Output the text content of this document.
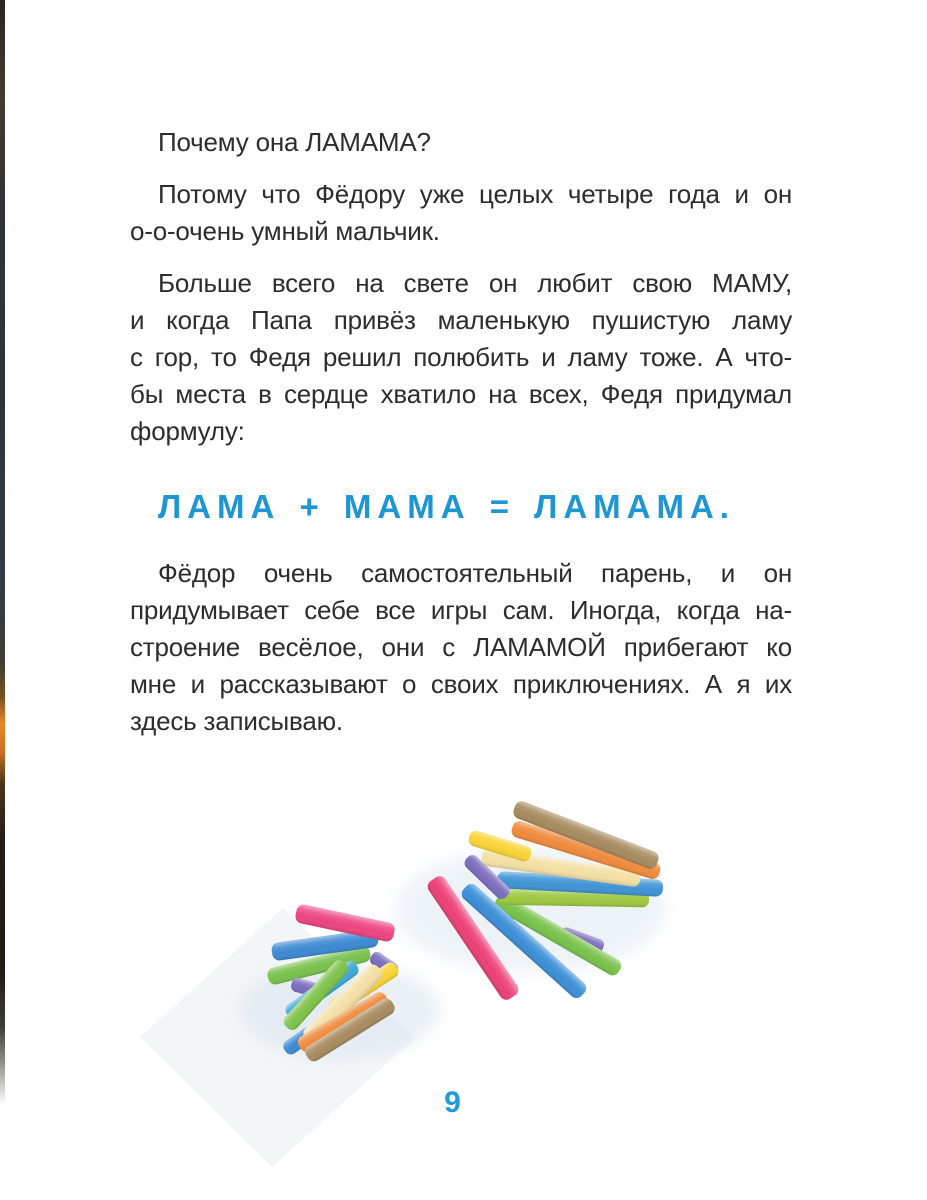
Почему она ЛАМАМА?

Потому что Фёдору уже целых четыре года и он
о-о-очень умный мальчик.

Больше всего на свете он любит свою МАМУ,
и когда Папа привёз маленькую пушистую ламу
с гор, то Федя решил полюбить и ламу тоже. А что-
бы места в сердце хватило на всех, Федя придумал
формулу:

ЛАМА + МАМА = ЛАМАМА.

Фёдор очень самостоятельный парень, и он
придумывает себе все игры сам. Иногда, когда на-
строение весёлое, они с ЛАМАМОЙ прибегают ко
мне и рассказывают о своих приключениях. А я их
здесь записываю.

9
